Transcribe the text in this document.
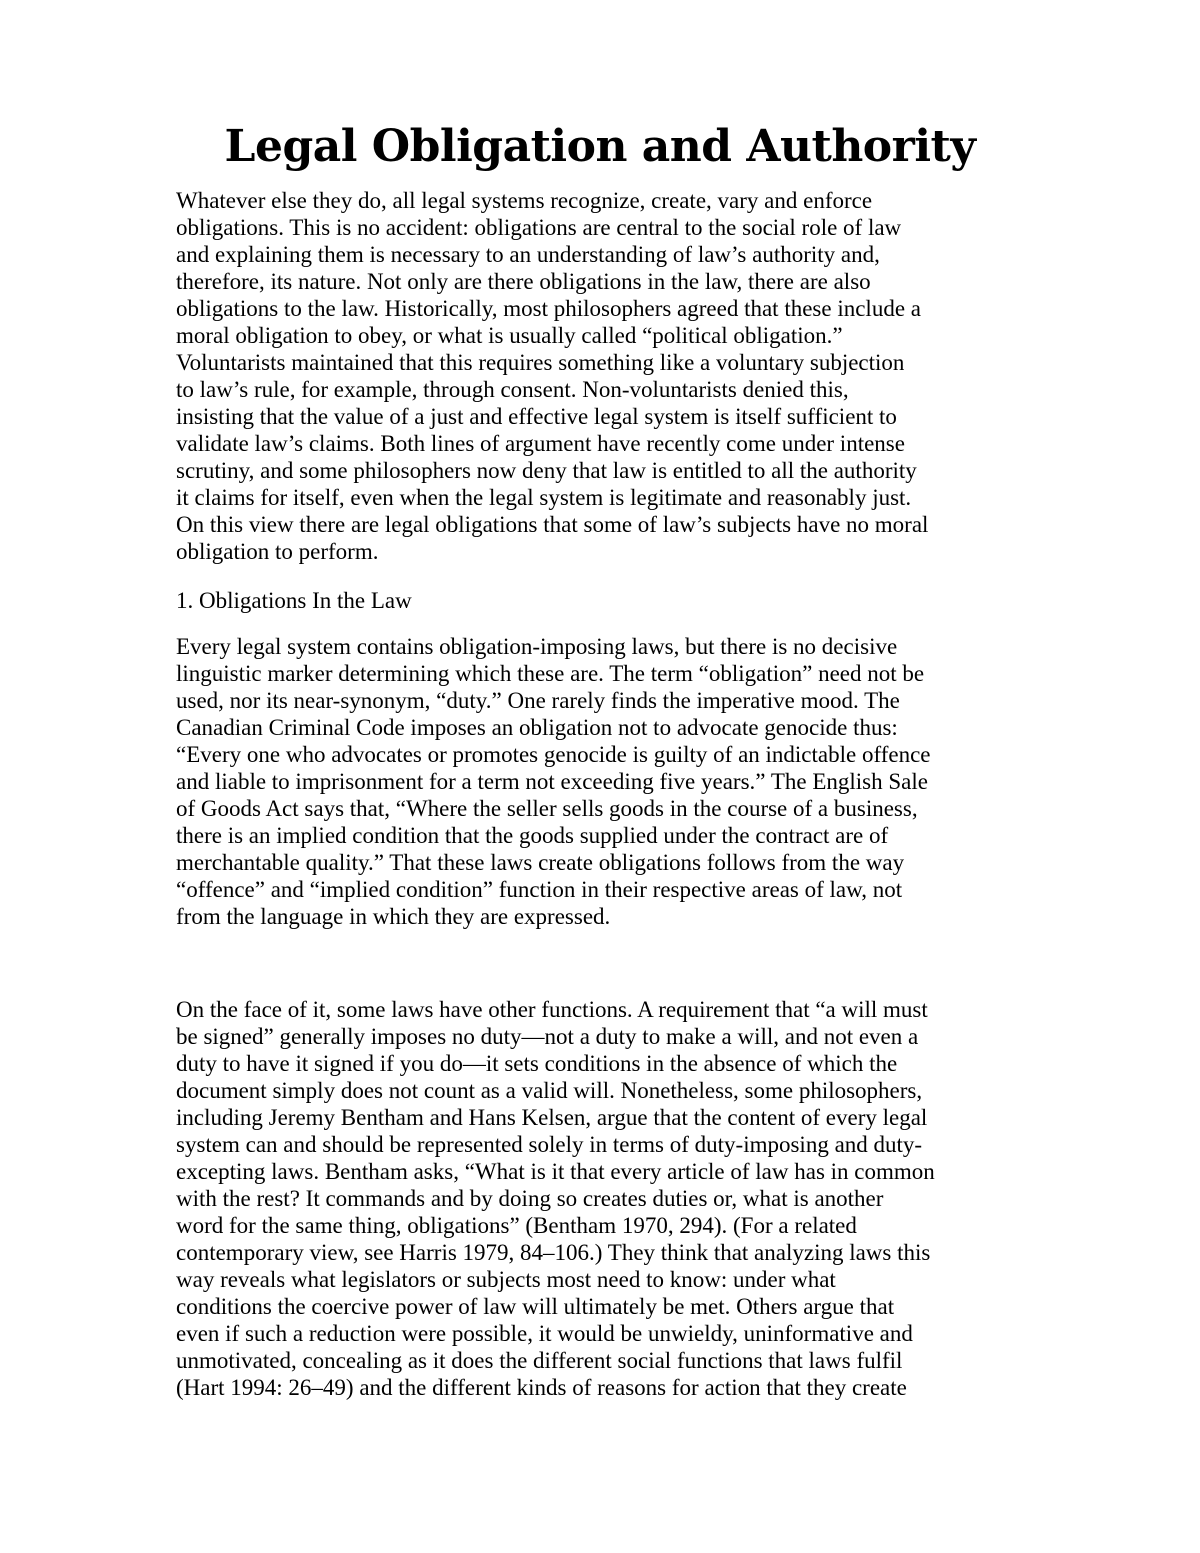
Legal Obligation and Authority

Whatever else they do, all legal systems recognize, create, vary and enforce
obligations. This is no accident: obligations are central to the social role of law
and explaining them is necessary to an understanding of law’s authority and,
therefore, its nature. Not only are there obligations in the law, there are also
obligations to the law. Historically, most philosophers agreed that these include a
moral obligation to obey, or what is usually called “political obligation.”
Voluntarists maintained that this requires something like a voluntary subjection
to law’s rule, for example, through consent. Non-voluntarists denied this,
insisting that the value of a just and effective legal system is itself sufficient to
validate law’s claims. Both lines of argument have recently come under intense
scrutiny, and some philosophers now deny that law is entitled to all the authority
it claims for itself, even when the legal system is legitimate and reasonably just.
On this view there are legal obligations that some of law’s subjects have no moral
obligation to perform.

1. Obligations In the Law

Every legal system contains obligation-imposing laws, but there is no decisive
linguistic marker determining which these are. The term “obligation” need not be
used, nor its near-synonym, “duty.” One rarely finds the imperative mood. The
Canadian Criminal Code imposes an obligation not to advocate genocide thus:
“Every one who advocates or promotes genocide is guilty of an indictable offence
and liable to imprisonment for a term not exceeding five years.” The English Sale
of Goods Act says that, “Where the seller sells goods in the course of a business,
there is an implied condition that the goods supplied under the contract are of
merchantable quality.” That these laws create obligations follows from the way
“offence” and “implied condition” function in their respective areas of law, not
from the language in which they are expressed.

On the face of it, some laws have other functions. A requirement that “a will must
be signed” generally imposes no duty—not a duty to make a will, and not even a
duty to have it signed if you do—it sets conditions in the absence of which the
document simply does not count as a valid will. Nonetheless, some philosophers,
including Jeremy Bentham and Hans Kelsen, argue that the content of every legal
system can and should be represented solely in terms of duty-imposing and duty-
excepting laws. Bentham asks, “What is it that every article of law has in common
with the rest? It commands and by doing so creates duties or, what is another
word for the same thing, obligations” (Bentham 1970, 294). (For a related
contemporary view, see Harris 1979, 84–106.) They think that analyzing laws this
way reveals what legislators or subjects most need to know: under what
conditions the coercive power of law will ultimately be met. Others argue that
even if such a reduction were possible, it would be unwieldy, uninformative and
unmotivated, concealing as it does the different social functions that laws fulfil
(Hart 1994: 26–49) and the different kinds of reasons for action that they create
